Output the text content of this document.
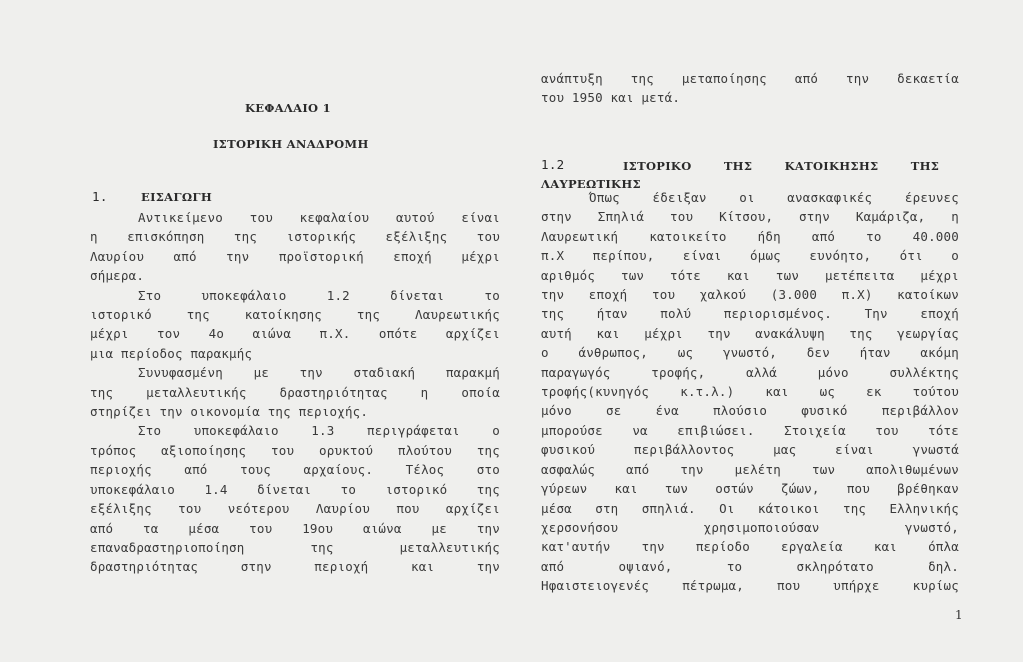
ΚΕΦΑΛΑΙΟ 1
ΙΣΤΟΡΙΚΗ ΑΝΑΔΡΟΜΗ
1.	ΕΙΣΑΓΩΓΗ
Αντικείμενο του κεφαλαίου αυτού είναι
η επισκόπηση της ιστορικής εξέλιξης του
Λαυρίου από την προϊστορική εποχή μέχρι
σήμερα.
Στο υποκεφάλαιο 1.2 δίνεται το
ιστορικό της κατοίκησης της Λαυρεωτικής
μέχρι τον 4ο αιώνα π.Χ. οπότε αρχίζει
μια περίοδος παρακμής
Συνυφασμένη με την σταδιακή παρακμή
της μεταλλευτικής δραστηριότητας η οποία
στηρίζει την οικονομία της περιοχής.
Στο υποκεφάλαιο 1.3 περιγράφεται ο
τρόπος αξιοποίησης του ορυκτού πλούτου της
περιοχής από τους αρχαίους. Τέλος στο
υποκεφάλαιο 1.4 δίνεται το ιστορικό της
εξέλιξης του νεότερου Λαυρίου που αρχίζει
από τα μέσα του 19ου αιώνα με την
επαναδραστηριοποίηση της μεταλλευτικής
δραστηριότητας στην περιοχή και την
ανάπτυξη της μεταποίησης από την δεκαετία
του 1950 και μετά.
1.2	ΙΣΤΟΡΙΚΟ ΤΗΣ ΚΑΤΟΙΚΗΣΗΣ ΤΗΣ
ΛΑΥΡΕΩΤΙΚΗΣ
Όπως έδειξαν οι ανασκαφικές έρευνες
στην Σπηλιά του Κίτσου, στην Καμάριζα, η
Λαυρεωτική κατοικείτο ήδη από το 40.000
π.Χ περίπου, είναι όμως ευνόητο, ότι ο
αριθμός των τότε και των μετέπειτα μέχρι
την εποχή του χαλκού (3.000 π.Χ) κατοίκων
της ήταν πολύ περιορισμένος. Την εποχή
αυτή και μέχρι την ανακάλυψη της γεωργίας
ο άνθρωπος, ως γνωστό, δεν ήταν ακόμη
παραγωγός τροφής, αλλά μόνο συλλέκτης
τροφής(κυνηγός κ.τ.λ.) και ως εκ τούτου
μόνο σε ένα πλούσιο φυσικό περιβάλλον
μπορούσε να επιβιώσει. Στοιχεία του τότε
φυσικού περιβάλλοντος μας είναι γνωστά
ασφαλώς από την μελέτη των απολιθωμένων
γύρεων και των οστών ζώων, που βρέθηκαν
μέσα στη σπηλιά. Οι κάτοικοι της Ελληνικής
χερσονήσου χρησιμοποιούσαν γνωστό,
κατ'αυτήν την περίοδο εργαλεία και όπλα
από οψιανό, το σκληρότατο δηλ.
Ηφαιστειογενές πέτρωμα, που υπήρχε κυρίως
1
